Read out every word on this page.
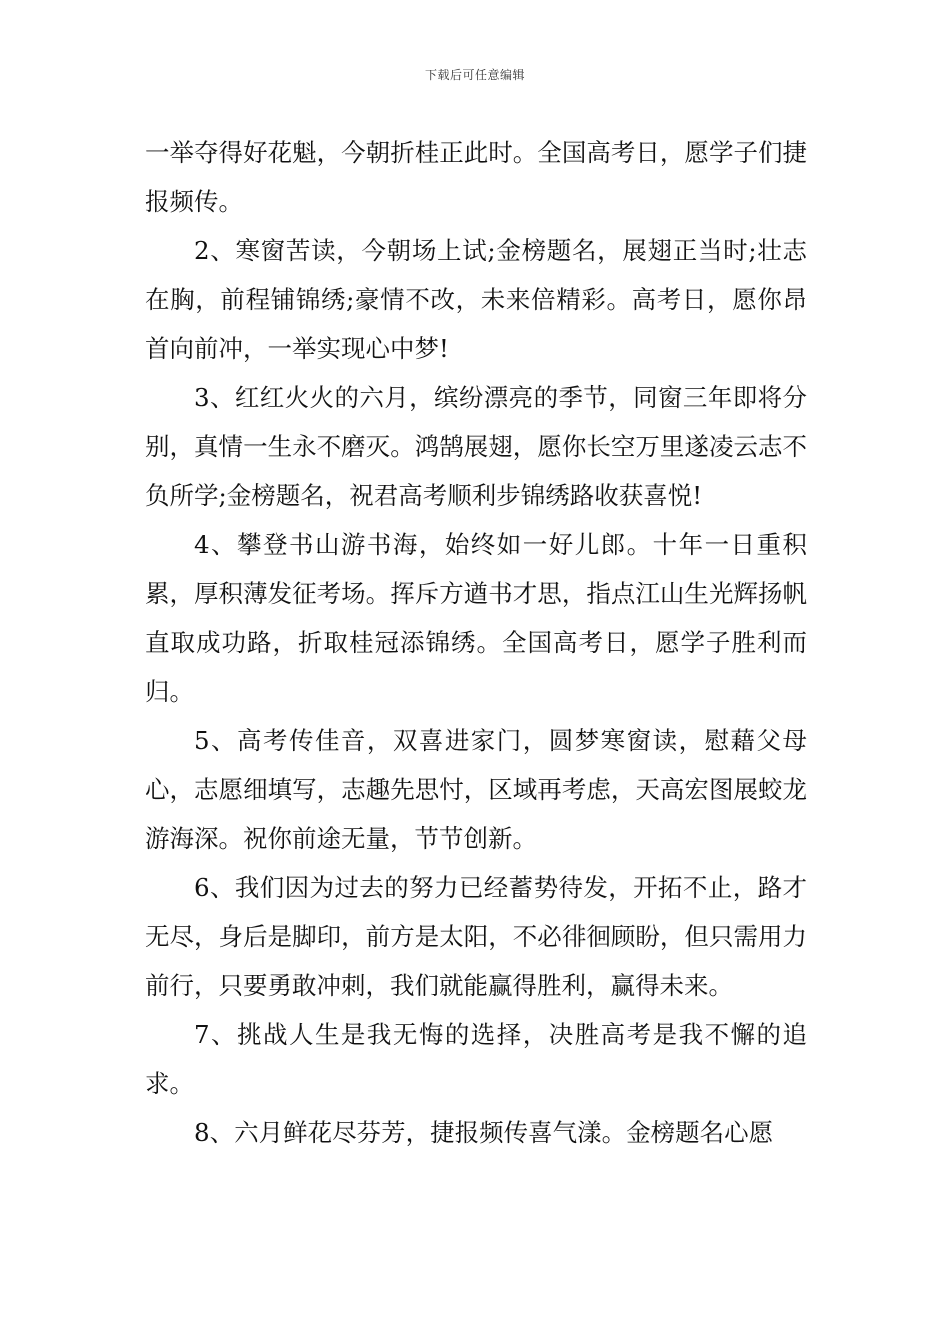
下载后可任意编辑

一举夺得好花魁，今朝折桂正此时。全国高考日，愿学子们捷报频传。

2、寒窗苦读，今朝场上试;金榜题名，展翅正当时;壮志在胸，前程铺锦绣;豪情不改，未来倍精彩。高考日，愿你昂首向前冲，一举实现心中梦!

3、红红火火的六月，缤纷漂亮的季节，同窗三年即将分别，真情一生永不磨灭。鸿鹄展翅，愿你长空万里遂凌云志不负所学;金榜题名，祝君高考顺利步锦绣路收获喜悦!

4、攀登书山游书海，始终如一好儿郎。十年一日重积累，厚积薄发征考场。挥斥方遒书才思，指点江山生光辉扬帆直取成功路，折取桂冠添锦绣。全国高考日，愿学子胜利而归。

5、高考传佳音，双喜进家门，圆梦寒窗读，慰藉父母心，志愿细填写，志趣先思忖，区域再考虑，天高宏图展蛟龙游海深。祝你前途无量，节节创新。

6、我们因为过去的努力已经蓄势待发，开拓不止，路才无尽，身后是脚印，前方是太阳，不必徘徊顾盼，但只需用力前行，只要勇敢冲刺，我们就能赢得胜利，赢得未来。

7、挑战人生是我无悔的选择，决胜高考是我不懈的追求。

8、六月鲜花尽芬芳，捷报频传喜气漾。金榜题名心愿
